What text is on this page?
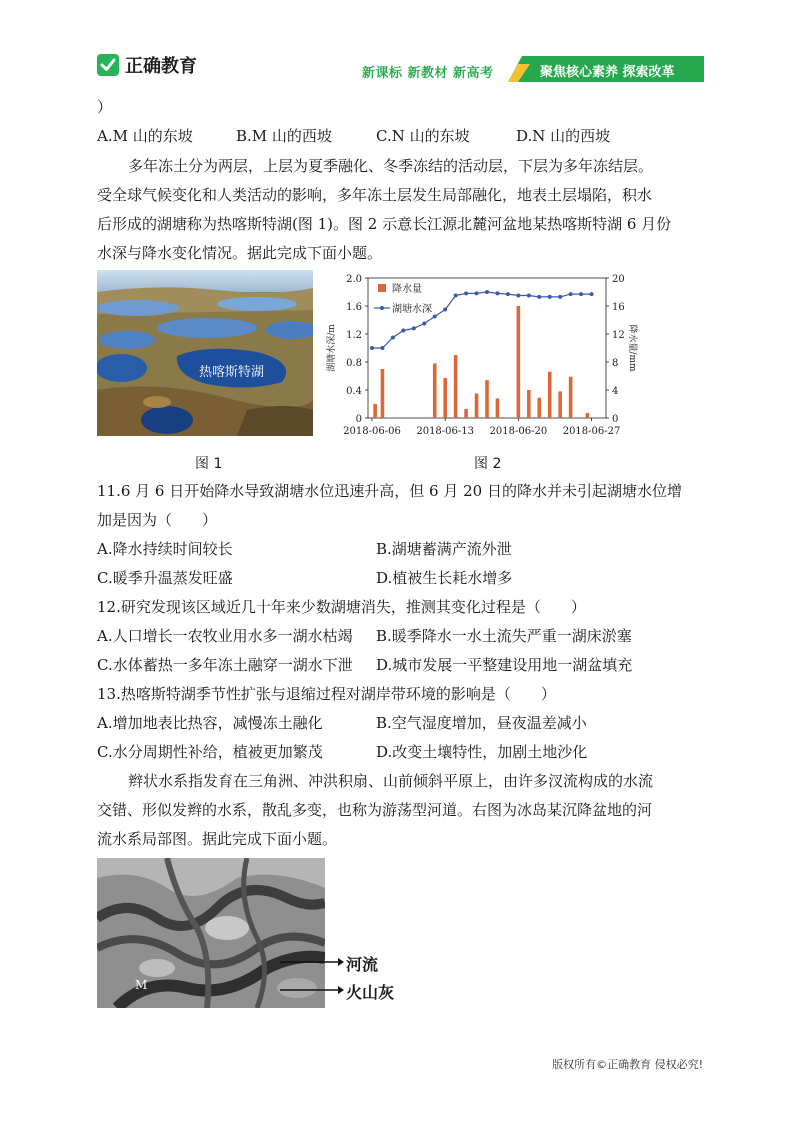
正确教育	新课标 新教材 新高考	聚焦核心素养 探索改革
）
A.M 山的东坡	B.M 山的西坡	C.N 山的东坡	D.N 山的西坡
多年冻土分为两层，上层为夏季融化、冬季冻结的活动层，下层为多年冻结层。
受全球气候变化和人类活动的影响，多年冻土层发生局部融化，地表土层塌陷，积水
后形成的湖塘称为热喀斯特湖(图 1)。图 2 示意长江源北麓河盆地某热喀斯特湖 6 月份
水深与降水变化情况。据此完成下面小题。
热喀斯特湖
0	0
0.4	4
0.8	8
1.2	12
1.6	16
2.0	20
2018-06-06 2018-06-13 2018-06-20 2018-06-27
湖塘水深/m	降水量/mm
降水量
湖塘水深
图 1	图 2
11.6 月 6 日开始降水导致湖塘水位迅速升高，但 6 月 20 日的降水并未引起湖塘水位增
加是因为（　　）
A.降水持续时间较长	B.湖塘蓄满产流外泄
C.暖季升温蒸发旺盛	D.植被生长耗水增多
12.研究发现该区域近几十年来少数湖塘消失，推测其变化过程是（　　）
A.人口增长一农牧业用水多一湖水枯竭 B.暖季降水一水土流失严重一湖床淤塞
C.水体蓄热一多年冻土融穿一湖水下泄 D.城市发展一平整建设用地一湖盆填充
13.热喀斯特湖季节性扩张与退缩过程对湖岸带环境的影响是（　　）
A.增加地表比热容，减慢冻土融化	B.空气湿度增加，昼夜温差减小
C.水分周期性补给，植被更加繁茂	D.改变土壤特性，加剧土地沙化
辫状水系指发育在三角洲、冲洪积扇、山前倾斜平原上，由许多汊流构成的水流
交错、形似发辫的水系，散乱多变，也称为游荡型河道。右图为冰岛某沉降盆地的河
流水系局部图。据此完成下面小题。
M
河流
火山灰
版权所有©正确教育 侵权必究!
